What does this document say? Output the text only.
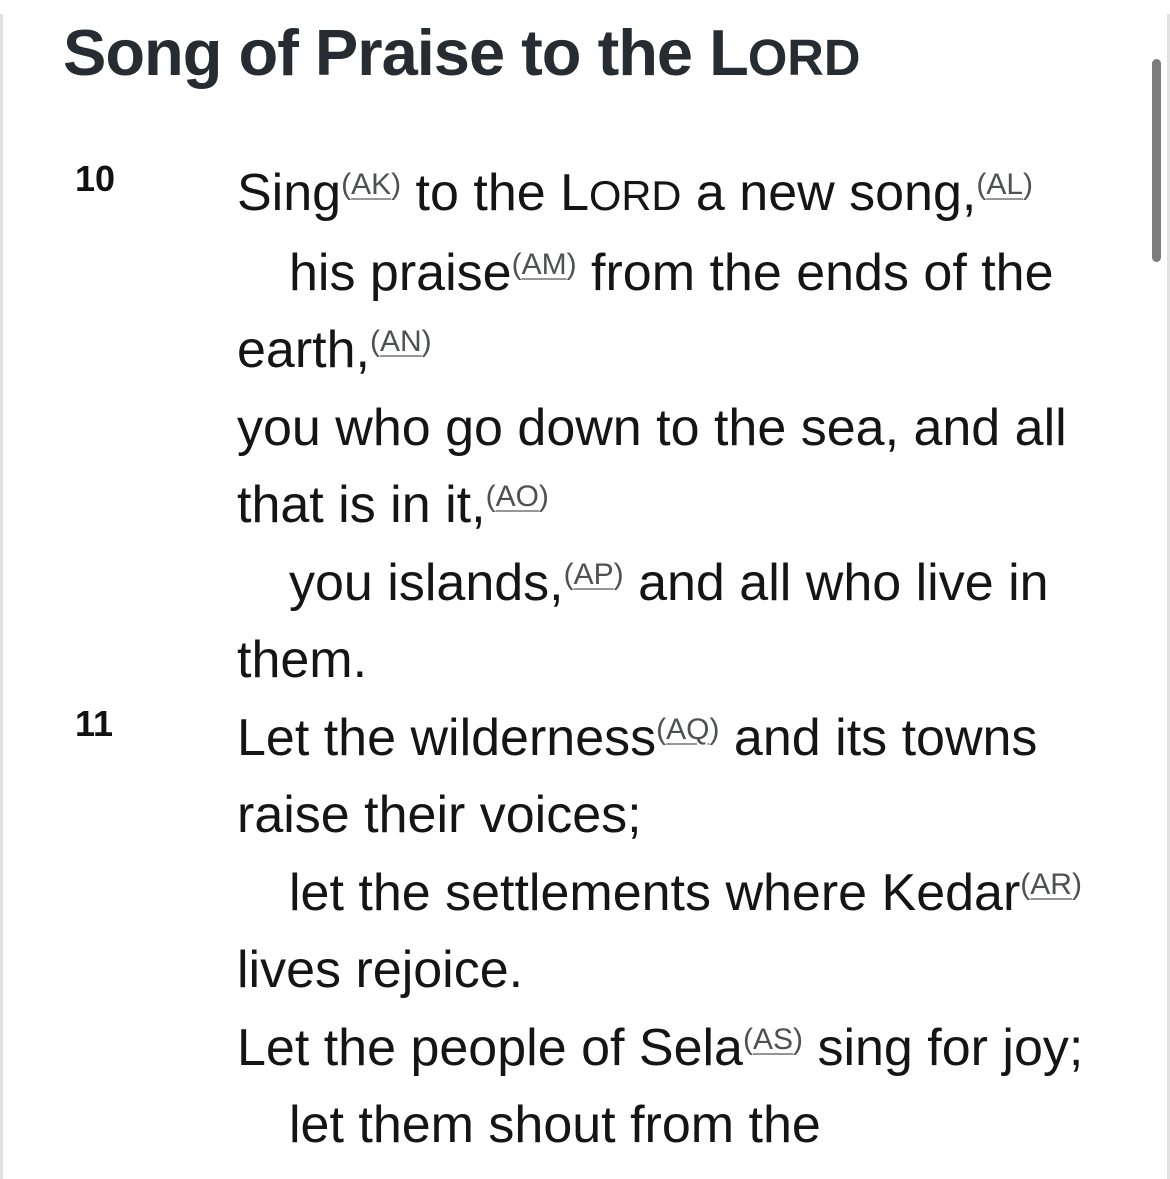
Song of Praise to the LORD
10 Sing$^{(AK)}$ to the LORD a new song,$^{(AL)}$
his praise$^{(AM)}$ from the ends of the
earth,$^{(AN)}$
you who go down to the sea, and all
that is in it,$^{(AO)}$
you islands,$^{(AP)}$ and all who live in
them.
11 Let the wilderness$^{(AQ)}$ and its towns
raise their voices;
let the settlements where Kedar$^{(AR)}$
lives rejoice.
Let the people of Sela$^{(AS)}$ sing for joy;
let them shout from the
